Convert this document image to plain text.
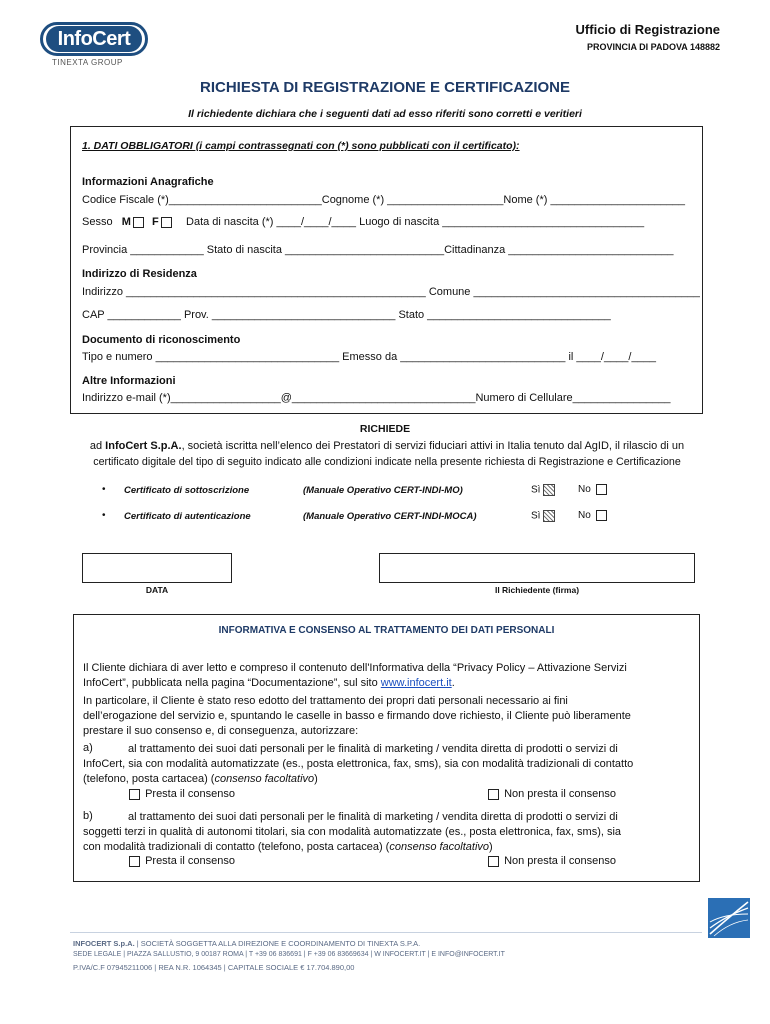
InfoCert
TINEXTA GROUP
Ufficio di Registrazione
PROVINCIA DI PADOVA 148882
RICHIESTA DI REGISTRAZIONE E CERTIFICAZIONE
Il richiedente dichiara che i seguenti dati ad esso riferiti sono corretti e veritieri
1. DATI OBBLIGATORI (i campi contrassegnati con (*) sono pubblicati con il certificato):
Informazioni Anagrafiche
Codice Fiscale (*)_________________________Cognome (*) ___________________Nome (*) ______________________
Sesso M F Data di nascita (*) ____/____/____ Luogo di nascita _________________________________
Provincia ____________ Stato di nascita __________________________Cittadinanza ___________________________
Indirizzo di Residenza
Indirizzo _________________________________________________ Comune _____________________________________
CAP ____________ Prov. ______________________________ Stato ______________________________
Documento di riconoscimento
Tipo e numero ______________________________ Emesso da ___________________________ il ____/____/____
Altre Informazioni
Indirizzo e-mail (*)__________________@______________________________Numero di Cellulare________________
RICHIEDE
ad InfoCert S.p.A., società iscritta nell’elenco dei Prestatori di servizi fiduciari attivi in Italia tenuto dal AgID, il rilascio di un
certificato digitale del tipo di seguito indicato alle condizioni indicate nella presente richiesta di Registrazione e Certificazione
• Certificato di sottoscrizione	(Manuale Operativo CERT-INDI-MO)	Sì	No
• Certificato di autenticazione	(Manuale Operativo CERT-INDI-MOCA)	Sì	No
DATA	Il Richiedente (firma)
INFORMATIVA E CONSENSO AL TRATTAMENTO DEI DATI PERSONALI
Il Cliente dichiara di aver letto e compreso il contenuto dell'Informativa della “Privacy Policy – Attivazione Servizi
InfoCert”, pubblicata nella pagina “Documentazione”, sul sito www.infocert.it.
In particolare, il Cliente è stato reso edotto del trattamento dei propri dati personali necessario ai fini
dell’erogazione del servizio e, spuntando le caselle in basso e firmando dove richiesto, il Cliente può liberamente
prestare il suo consenso e, di conseguenza, autorizzare:
a)	al trattamento dei suoi dati personali per le finalità di marketing / vendita diretta di prodotti o servizi di
InfoCert, sia con modalità automatizzate (es., posta elettronica, fax, sms), sia con modalità tradizionali di contatto
(telefono, posta cartacea) (consenso facoltativo)
Presta il consenso	Non presta il consenso
b)	al trattamento dei suoi dati personali per le finalità di marketing / vendita diretta di prodotti o servizi di
soggetti terzi in qualità di autonomi titolari, sia con modalità automatizzate (es., posta elettronica, fax, sms), sia
con modalità tradizionali di contatto (telefono, posta cartacea) (consenso facoltativo)
Presta il consenso	Non presta il consenso
INFOCERT S.p.A. | SOCIETÀ SOGGETTA ALLA DIREZIONE E COORDINAMENTO DI TINEXTA S.P.A.
SEDE LEGALE | PIAZZA SALLUSTIO, 9 00187 ROMA | T +39 06 836691 | F +39 06 83669634 | W INFOCERT.IT | E INFO@INFOCERT.IT
P.IVA/C.F 07945211006 | REA N.R. 1064345 | CAPITALE SOCIALE € 17.704.890,00
